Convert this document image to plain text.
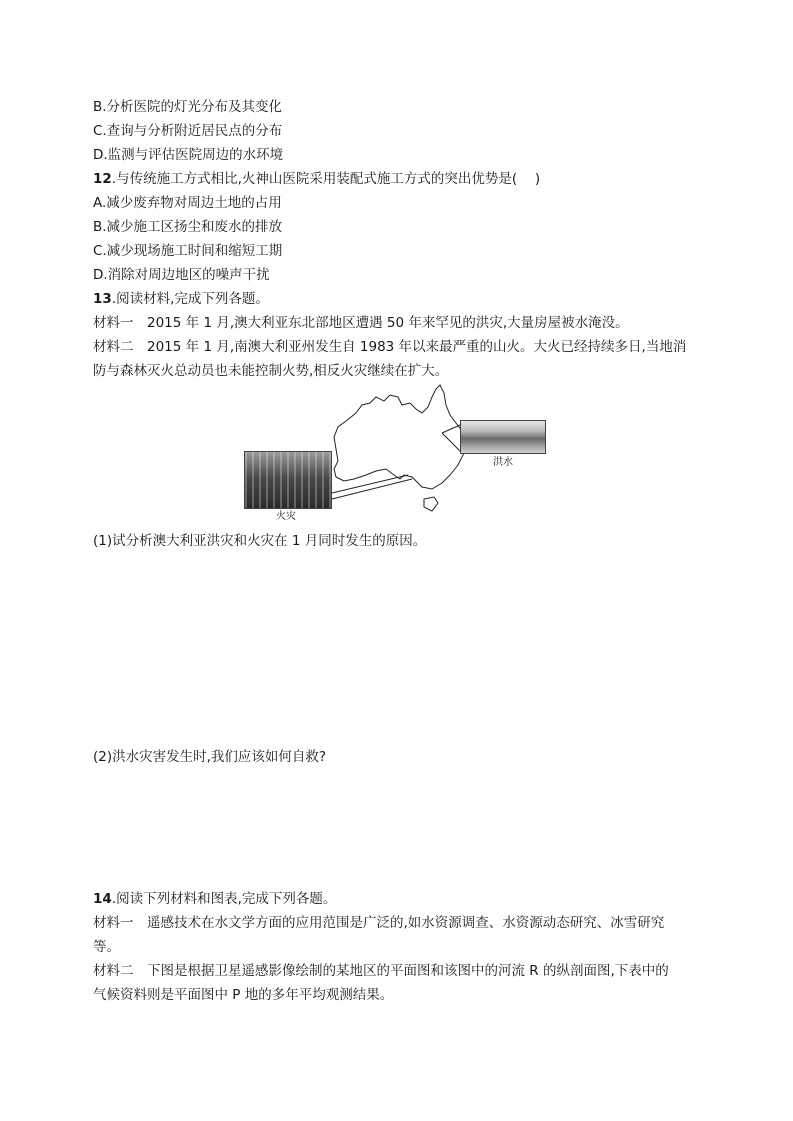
B.分析医院的灯光分布及其变化
C.查询与分析附近居民点的分布
D.监测与评估医院周边的水环境
12.与传统施工方式相比,火神山医院采用装配式施工方式的突出优势是(　 )
A.减少废弃物对周边土地的占用
B.减少施工区扬尘和废水的排放
C.减少现场施工时间和缩短工期
D.消除对周边地区的噪声干扰
13.阅读材料,完成下列各题。
材料一　2015 年 1 月,澳大利亚东北部地区遭遇 50 年来罕见的洪灾,大量房屋被水淹没。
材料二　2015 年 1 月,南澳大利亚州发生自 1983 年以来最严重的山火。大火已经持续多日,当地消
防与森林灭火总动员也未能控制火势,相反火灾继续在扩大。
火灾
洪水
(1)试分析澳大利亚洪灾和火灾在 1 月同时发生的原因。
(2)洪水灾害发生时,我们应该如何自救?
14.阅读下列材料和图表,完成下列各题。
材料一　遥感技术在水文学方面的应用范围是广泛的,如水资源调查、水资源动态研究、冰雪研究
等。
材料二　下图是根据卫星遥感影像绘制的某地区的平面图和该图中的河流 R 的纵剖面图,下表中的
气候资料则是平面图中 P 地的多年平均观测结果。
